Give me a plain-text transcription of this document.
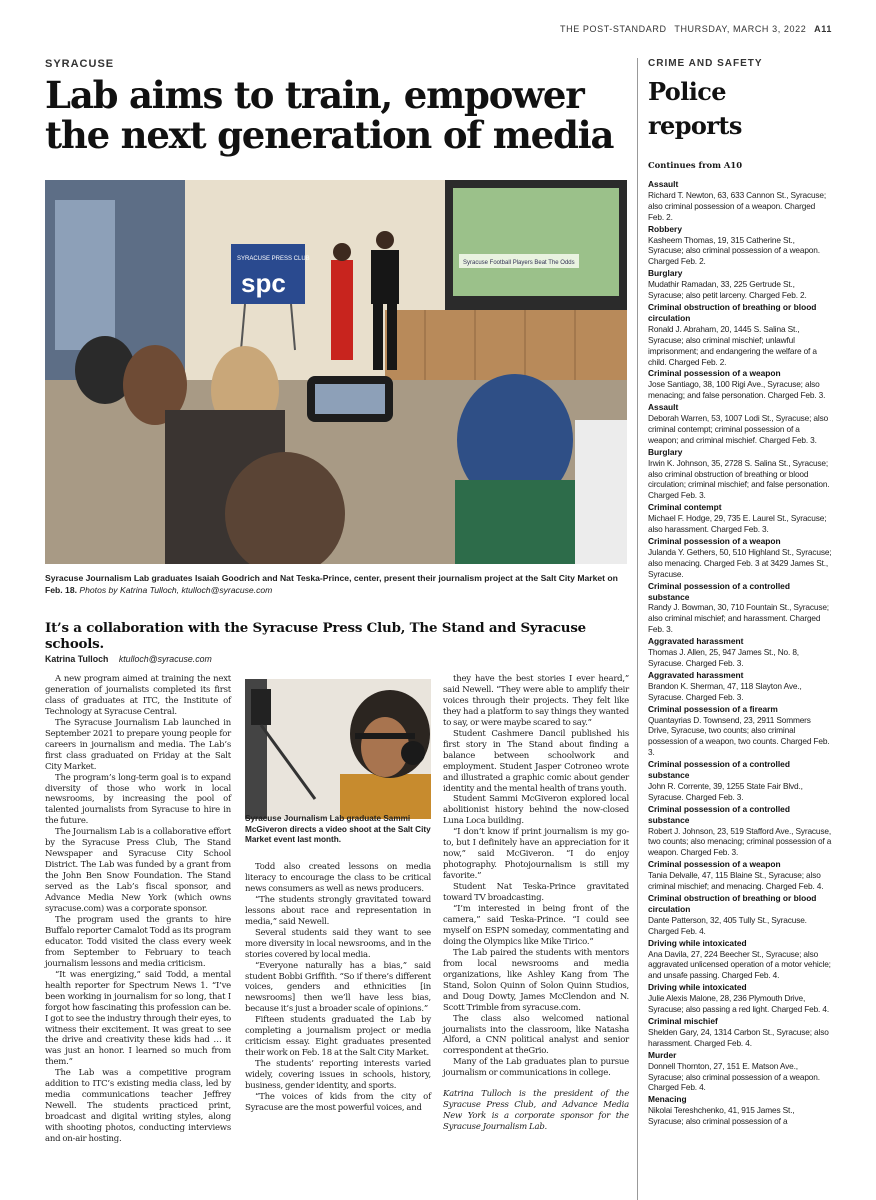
THE POST-STANDARD THURSDAY, MARCH 3, 2022 A11
SYRACUSE
Lab aims to train, empower
the next generation of media
Syracuse Football Players Beat The Odds
SYRACUSE PRESS CLUB
spc
Syracuse Journalism Lab graduates Isaiah Goodrich and Nat Teska-Prince, center, present their journalism project at the Salt City Market on Feb. 18. Photos by Katrina Tulloch, ktulloch@syracuse.com
It’s a collaboration with the Syracuse Press Club, The Stand and Syracuse schools.
Katrina Tulloch ktulloch@syracuse.com

A new program aimed at training the next generation of journalists completed its first class of graduates at ITC, the Institute of Technology at Syracuse Central.

The Syracuse Journalism Lab launched in September 2021 to prepare young people for careers in journalism and media. The Lab’s first class graduated on Friday at the Salt City Market.

The program’s long-term goal is to expand diversity of those who work in local newsrooms, by increasing the pool of talented journalists from Syracuse to hire in the future.

The Journalism Lab is a collaborative effort by the Syracuse Press Club, The Stand Newspaper and Syracuse City School District. The Lab was funded by a grant from the John Ben Snow Foundation. The Stand served as the Lab’s fiscal sponsor, and Advance Media New York (which owns syracuse.com) was a corporate sponsor.

The program used the grants to hire Buffalo reporter Camalot Todd as its program educator. Todd visited the class every week from September to February to teach journalism lessons and media criticism.

“It was energizing,” said Todd, a mental health reporter for Spectrum News 1. “I’ve been working in journalism for so long, that I forgot how fascinating this profession can be. I got to see the industry through their eyes, to witness their excitement. It was great to see the drive and creativity these kids had … it was just an honor. I learned so much from them.”

The Lab was a competitive program addition to ITC’s existing media class, led by media communications teacher Jeffrey Newell. The students practiced print, broadcast and digital writing styles, along with shooting photos, conducting interviews and on-air hosting.

Syracuse Journalism Lab graduate Sammi McGiveron directs a video shoot at the Salt City Market event last month.

Todd also created lessons on media literacy to encourage the class to be critical news consumers as well as news producers.

“The students strongly gravitated toward lessons about race and representation in media,” said Newell.

Several students said they want to see more diversity in local newsrooms, and in the stories covered by local media.

“Everyone naturally has a bias,” said student Bobbi Griffith. “So if there’s different voices, genders and ethnicities [in newsrooms] then we’ll have less bias, because it’s just a broader scale of opinions.”

Fifteen students graduated the Lab by completing a journalism project or media criticism essay. Eight graduates presented their work on Feb. 18 at the Salt City Market.

The students’ reporting interests varied widely, covering issues in schools, history, business, gender identity, and sports.

“The voices of kids from the city of Syracuse are the most powerful voices, and

they have the best stories I ever heard,” said Newell. “They were able to amplify their voices through their projects. They felt like they had a platform to say things they wanted to say, or were maybe scared to say.”

Student Cashmere Dancil published his first story in The Stand about finding a balance between schoolwork and employment. Student Jasper Cotroneo wrote and illustrated a graphic comic about gender identity and the mental health of trans youth.

Student Sammi McGiveron explored local abolitionist history behind the now-closed Luna Loca building.

“I don’t know if print journalism is my go-to, but I definitely have an appreciation for it now,” said McGiveron. “I do enjoy photography. Photojournalism is still my favorite.”

Student Nat Teska-Prince gravitated toward TV broadcasting.

“I’m interested in being front of the camera,” said Teska-Prince. “I could see myself on ESPN someday, commentating and doing the Olympics like Mike Tirico.”

The Lab paired the students with mentors from local newsrooms and media organizations, like Ashley Kang from The Stand, Solon Quinn of Solon Quinn Studios, and Doug Dowty, James McClendon and N. Scott Trimble from syracuse.com.

The class also welcomed national journalists into the classroom, like Natasha Alford, a CNN political analyst and senior correspondent at theGrio.

Many of the Lab graduates plan to pursue journalism or communications in college.

Katrina Tulloch is the president of the Syracuse Press Club, and Advance Media New York is a corporate sponsor for the Syracuse Journalism Lab.

CRIME AND SAFETY
Police
reports
Continues from A10
Assault
Richard T. Newton, 63, 633 Cannon St., Syracuse; also criminal possession of a weapon. Charged Feb. 2.
Robbery
Kasheem Thomas, 19, 315 Catherine St., Syracuse; also criminal possession of a weapon. Charged Feb. 2.
Burglary
Mudathir Ramadan, 33, 225 Gertrude St., Syracuse; also petit larceny. Charged Feb. 2.
Criminal obstruction of breathing or blood circulation
Ronald J. Abraham, 20, 1445 S. Salina St., Syracuse; also criminal mischief; unlawful imprisonment; and endangering the welfare of a child. Charged Feb. 2.
Criminal possession of a weapon
Jose Santiago, 38, 100 Rigi Ave., Syracuse; also menacing; and false personation. Charged Feb. 3.
Assault
Deborah Warren, 53, 1007 Lodi St., Syracuse; also criminal contempt; criminal possession of a weapon; and criminal mischief. Charged Feb. 3.
Burglary
Irwin K. Johnson, 35, 2728 S. Salina St., Syracuse; also criminal obstruction of breathing or blood circulation; criminal mischief; and false personation. Charged Feb. 3.
Criminal contempt
Michael F. Hodge, 29, 735 E. Laurel St., Syracuse; also harassment. Charged Feb. 3.
Criminal possession of a weapon
Julanda Y. Gethers, 50, 510 Highland St., Syracuse; also menacing. Charged Feb. 3 at 3429 James St., Syracuse.
Criminal possession of a controlled substance
Randy J. Bowman, 30, 710 Fountain St., Syracuse; also criminal mischief; and harassment. Charged Feb. 3.
Aggravated harassment
Thomas J. Allen, 25, 947 James St., No. 8, Syracuse. Charged Feb. 3.
Aggravated harassment
Brandon K. Sherman, 47, 118 Slayton Ave., Syracuse. Charged Feb. 3.
Criminal possession of a firearm
Quantayrias D. Townsend, 23, 2911 Sommers Drive, Syracuse, two counts; also criminal possession of a weapon, two counts. Charged Feb. 3.
Criminal possession of a controlled substance
John R. Corrente, 39, 1255 State Fair Blvd., Syracuse. Charged Feb. 3.
Criminal possession of a controlled substance
Robert J. Johnson, 23, 519 Stafford Ave., Syracuse, two counts; also menacing; criminal possession of a weapon. Charged Feb. 3.
Criminal possession of a weapon
Tania Delvalle, 47, 115 Blaine St., Syracuse; also criminal mischief; and menacing. Charged Feb. 4.
Criminal obstruction of breathing or blood circulation
Dante Patterson, 32, 405 Tully St., Syracuse. Charged Feb. 4.
Driving while intoxicated
Ana Davila, 27, 224 Beecher St., Syracuse; also aggravated unlicensed operation of a motor vehicle; and unsafe passing. Charged Feb. 4.
Driving while intoxicated
Julie Alexis Malone, 28, 236 Plymouth Drive, Syracuse; also passing a red light. Charged Feb. 4.
Criminal mischief
Shelden Gary, 24, 1314 Carbon St., Syracuse; also harassment. Charged Feb. 4.
Murder
Donnell Thornton, 27, 151 E. Matson Ave., Syracuse; also criminal possession of a weapon. Charged Feb. 4.
Menacing
Nikolai Tereshchenko, 41, 915 James St., Syracuse; also criminal possession of a
